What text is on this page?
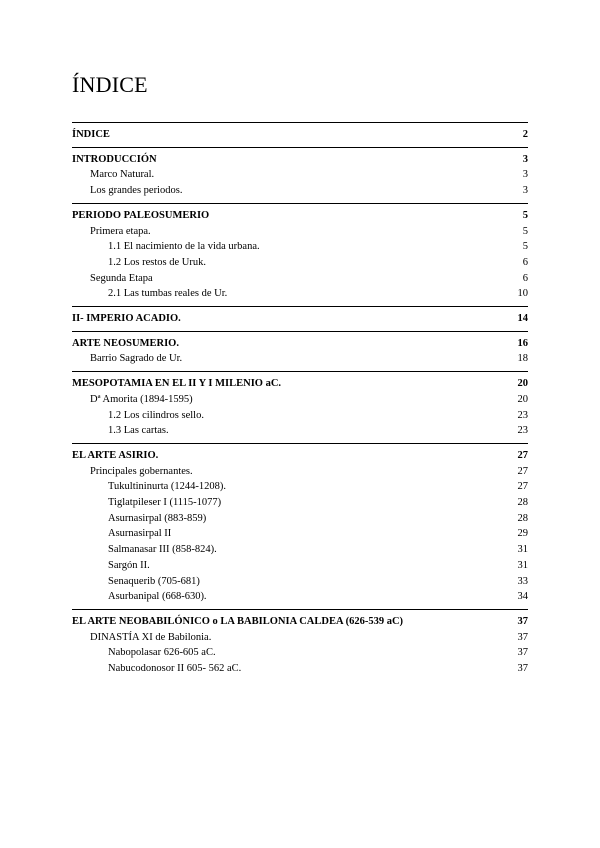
ÍNDICE
ÍNDICE	2
INTRODUCCIÓN	3
Marco Natural.	3
Los grandes periodos.	3
PERIODO PALEOSUMERIO	5
Primera etapa.	5
1.1 El nacimiento de la vida urbana.	5
1.2 Los restos de Uruk.	6
Segunda Etapa	6
2.1 Las tumbas reales de Ur.	10
II- IMPERIO ACADIO.	14
ARTE NEOSUMERIO.	16
Barrio Sagrado de Ur.	18
MESOPOTAMIA EN EL II Y I MILENIO aC.	20
Dª Amorita (1894-1595)	20
1.2 Los cilindros sello.	23
1.3 Las cartas.	23
EL ARTE ASIRIO.	27
Principales gobernantes.	27
Tukultininurta (1244-1208).	27
Tiglatpileser I (1115-1077)	28
Asurnasirpal (883-859)	28
Asurnasirpal II	29
Salmanasar III (858-824).	31
Sargón II.	31
Senaquerib (705-681)	33
Asurbanipal (668-630).	34
EL ARTE NEOBABILÓNICO o LA BABILONIA CALDEA (626-539 aC)	37
DINASTÍA XI de Babilonia.	37
Nabopolasar 626-605 aC.	37
Nabucodonosor II 605- 562 aC.	37
